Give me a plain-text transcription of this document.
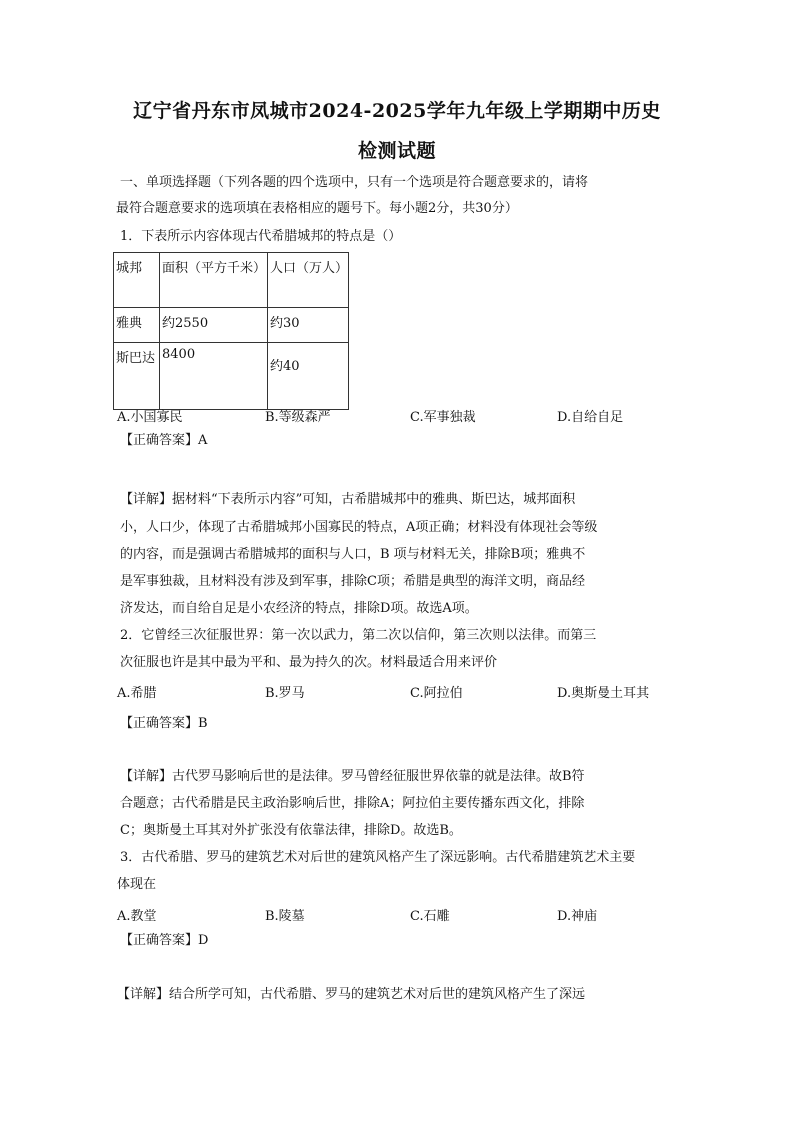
辽宁省丹东市凤城市2024-2025学年九年级上学期期中历史
检测试题
一、单项选择题（下列各题的四个选项中，只有一个选项是符合题意要求的，请将
最符合题意要求的选项填在表格相应的题号下。每小题2分，共30分）
1．下表所示内容体现古代希腊城邦的特点是（）
城邦	面积（平方千米）	人口（万人）
雅典	约2550	约30
斯巴达	8400	约40
A.小国寡民	B.等级森严	C.军事独裁	D.自给自足
【正确答案】A
【详解】据材料“下表所示内容”可知，古希腊城邦中的雅典、斯巴达，城邦面积
小，人口少，体现了古希腊城邦小国寡民的特点，A项正确；材料没有体现社会等级
的内容，而是强调古希腊城邦的面积与人口，B 项与材料无关，排除B项；雅典不
是军事独裁，且材料没有涉及到军事，排除C项；希腊是典型的海洋文明，商品经
济发达，而自给自足是小农经济的特点，排除D项。故选A项。
2．它曾经三次征服世界：第一次以武力，第二次以信仰，第三次则以法律。而第三
次征服也许是其中最为平和、最为持久的次。材料最适合用来评价
A.希腊	B.罗马	C.阿拉伯	D.奥斯曼土耳其
【正确答案】B
【详解】古代罗马影响后世的是法律。罗马曾经征服世界依靠的就是法律。故B符
合题意；古代希腊是民主政治影响后世，排除A；阿拉伯主要传播东西文化，排除
C；奥斯曼土耳其对外扩张没有依靠法律，排除D。故选B。
3．古代希腊、罗马的建筑艺术对后世的建筑风格产生了深远影响。古代希腊建筑艺术主要
体现在
A.教堂	B.陵墓	C.石雕	D.神庙
【正确答案】D
【详解】结合所学可知，古代希腊、罗马的建筑艺术对后世的建筑风格产生了深远
